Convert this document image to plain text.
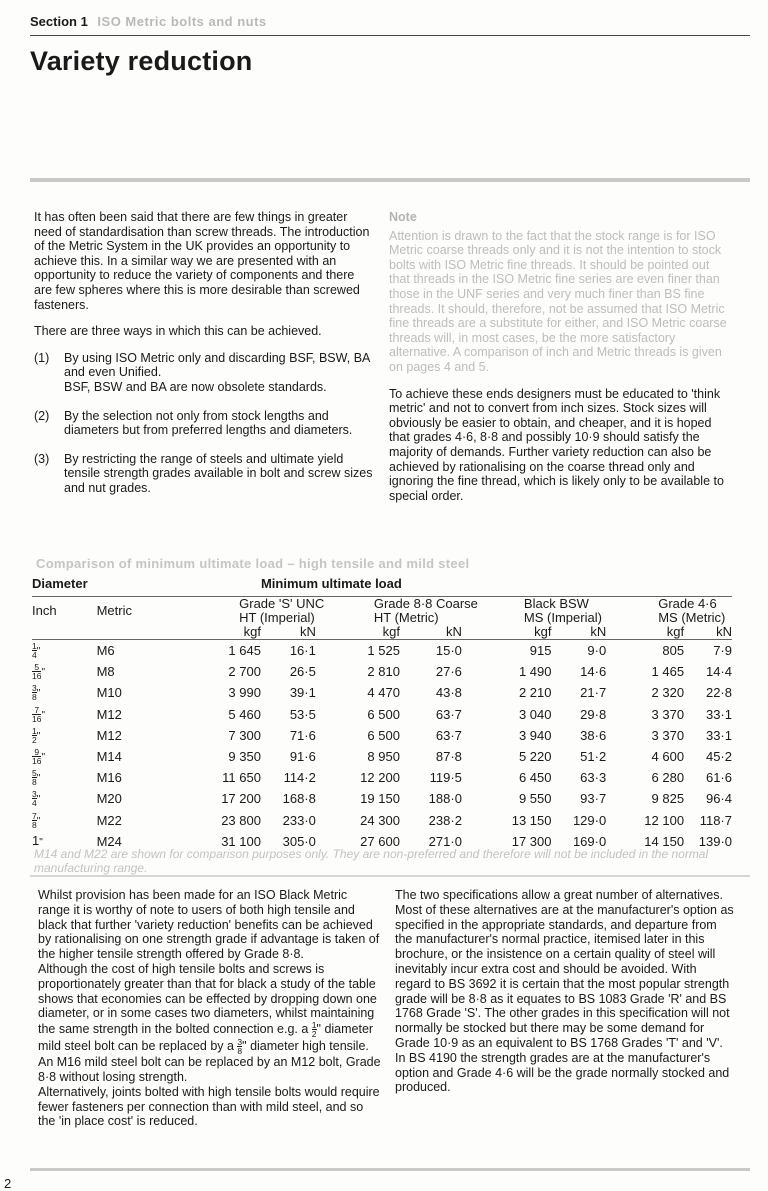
Section 1 ISO Metric bolts and nuts
Variety reduction

It has often been said that there are few things in greater need of standardisation than screw threads. The introduction of the Metric System in the UK provides an opportunity to achieve this. In a similar way we are presented with an opportunity to reduce the variety of components and there are few spheres where this is more desirable than screwed fasteners.

There are three ways in which this can be achieved.

(1)	By using ISO Metric only and discarding BSF, BSW, BA and even Unified.
BSF, BSW and BA are now obsolete standards.
(2)	By the selection not only from stock lengths and diameters but from preferred lengths and diameters.
(3)	By restricting the range of steels and ultimate yield tensile strength grades available in bolt and screw sizes and nut grades.
Note

Attention is drawn to the fact that the stock range is for ISO Metric coarse threads only and it is not the intention to stock bolts with ISO Metric fine threads. It should be pointed out that threads in the ISO Metric fine series are even finer than those in the UNF series and very much finer than BS fine threads. It should, therefore, not be assumed that ISO Metric fine threads are a substitute for either, and ISO Metric coarse threads will, in most cases, be the more satisfactory alternative. A comparison of inch and Metric threads is given on pages 4 and 5.

To achieve these ends designers must be educated to 'think metric' and not to convert from inch sizes. Stock sizes will obviously be easier to obtain, and cheaper, and it is hoped that grades 4·6, 8·8 and possibly 10·9 should satisfy the majority of demands. Further variety reduction can also be achieved by rationalising on the coarse thread only and ignoring the fine thread, which is likely only to be available to special order.

Comparison of minimum ultimate load – high tensile and mild steel
Diameter			Minimum ultimate load						

Inch	Metric	Grade 'S' UNC		Grade 8·8 Coarse		Black BSW		Grade 4·6	
		HT (Imperial)		HT (Metric)		MS (Imperial)		MS (Metric)	
		kgf	kN	kgf	kN	kgf	kN	kgf	kN

$\frac{1}{4}$ "	M6	1 645	16·1	1 525	15·0	915	9·0	805	7·9

$\frac{5}{16}$ "	M8	2 700	26·5	2 810	27·6	1 490	14·6	1 465	14·4

$\frac{3}{8}$ "	M10	3 990	39·1	4 470	43·8	2 210	21·7	2 320	22·8

$\frac{7}{16}$ "	M12	5 460	53·5	6 500	63·7	3 040	29·8	3 370	33·1

$\frac{1}{2}$ "	M12	7 300	71·6	6 500	63·7	3 940	38·6	3 370	33·1

$\frac{9}{16}$ "	M14	9 350	91·6	8 950	87·8	5 220	51·2	4 600	45·2

$\frac{5}{8}$ "	M16	11 650	114·2	12 200	119·5	6 450	63·3	6 280	61·6

$\frac{3}{4}$ "	M20	17 200	168·8	19 150	188·0	9 550	93·7	9 825	96·4

$\frac{7}{8}$ "	M22	23 800	233·0	24 300	238·2	13 150	129·0	12 100	118·7
1"	M24	31 100	305·0	27 600	271·0	17 300	169·0	14 150	139·0
M14 and M22 are shown for comparison purposes only. They are non-preferred and therefore will not be included in the normal manufacturing range.
Whilst provision has been made for an ISO Black Metric range it is worthy of note to users of both high tensile and black that further 'variety reduction' benefits can be achieved by rationalising on one strength grade if advantage is taken of the higher tensile strength offered by Grade 8·8.
Although the cost of high tensile bolts and screws is proportionately greater than that for black a study of the table shows that economies can be effected by dropping down one diameter, or in some cases two diameters, whilst maintaining the same strength in the bolted connection e.g. a $\frac{1}{2}$ " diameter mild steel bolt can be replaced by a $\frac{3}{8}$ " diameter high tensile. An M16 mild steel bolt can be replaced by an M12 bolt, Grade 8·8 without losing strength.
Alternatively, joints bolted with high tensile bolts would require fewer fasteners per connection than with mild steel, and so the 'in place cost' is reduced.
The two specifications allow a great number of alternatives.
Most of these alternatives are at the manufacturer's option as specified in the appropriate standards, and departure from the manufacturer's normal practice, itemised later in this brochure, or the insistence on a certain quality of steel will inevitably incur extra cost and should be avoided. With regard to BS 3692 it is certain that the most popular strength grade will be 8·8 as it equates to BS 1083 Grade 'R' and BS 1768 Grade 'S'. The other grades in this specification will not normally be stocked but there may be some demand for Grade 10·9 as an equivalent to BS 1768 Grades 'T' and 'V'.
In BS 4190 the strength grades are at the manufacturer's option and Grade 4·6 will be the grade normally stocked and produced.
2
